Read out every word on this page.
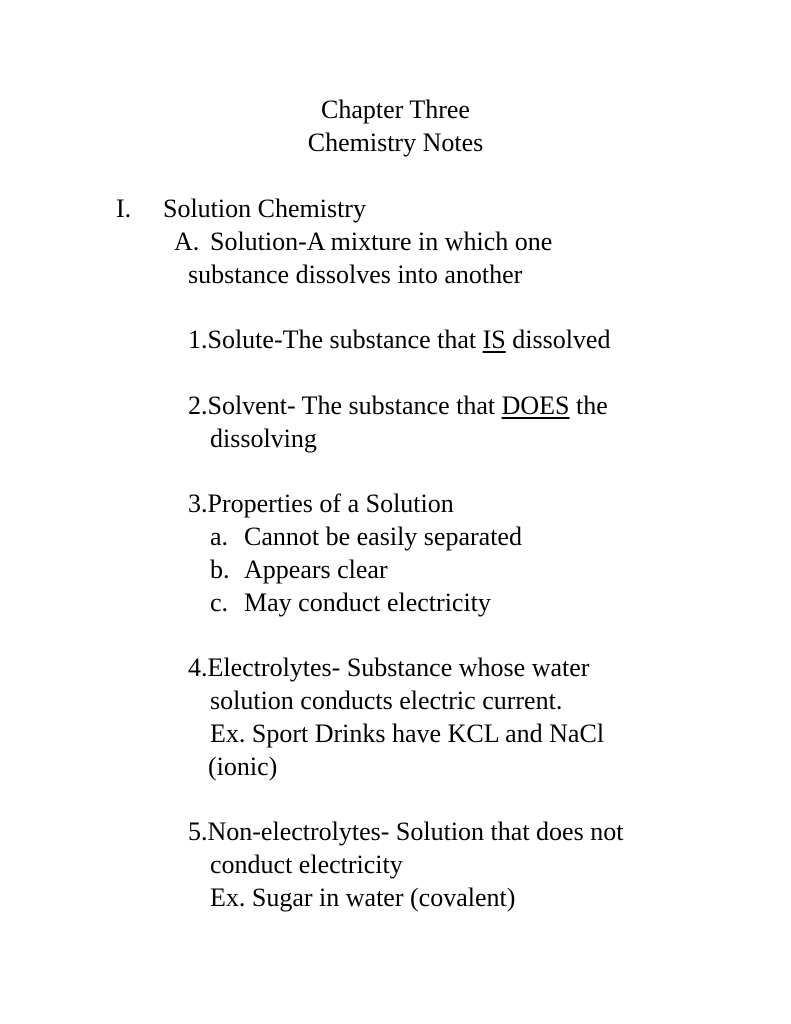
Chapter Three
Chemistry Notes
I. Solution Chemistry
A. Solution-A mixture in which one
substance dissolves into another
1.Solute-The substance that IS dissolved
2.Solvent- The substance that DOES the
dissolving
3.Properties of a Solution
a. Cannot be easily separated
b. Appears clear
c. May conduct electricity
4.Electrolytes- Substance whose water
solution conducts electric current.
Ex. Sport Drinks have KCL and NaCl
(ionic)
5.Non-electrolytes- Solution that does not
conduct electricity
Ex. Sugar in water (covalent)
